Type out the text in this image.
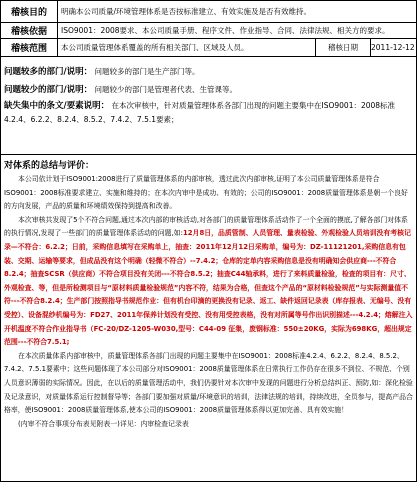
稽核目的	明确本公司质量/环境管理体系是否按标准建立、有效实施及是否有效维持。
稽核依据	ISO9001：2008要求、本公司质量手册、程序文件、作业指导、合同、法律法规、相关方的要求。
稽核范围	本公司质量管理体系覆盖的所有相关部门、区域及人员。	稽核日期	2011-12-12
问题较多的部门/说明： 问题较多的部门是生产部门等。
问题较少的部门/说明： 问题较少的部门是管理者代表、生管课等。
缺失集中的条文/要素说明： 在本次审核中，针对质量管理体系各部门出现的问题主要集中在ISO9001：2008标准4.2.4、6.2.2、8.2.4、8.5.2、7.4.2、7.5.1要素；

对体系的总结与评价：

本公司依计划于ISO9001:2008进行了质量管理体系的内部审核，透过此次内部审核,证明了本公司质量管理体系是符合ISO9001：2008标准要求建立、实施和维持的；在本次内审中是成功、有效的；公司的ISO9001：2008质量管理体系是朝一个良好的方向发展，产品的质量和环境绩效保持到提高和改善。

本次审核共发现了5个不符合问题,通过本次内部的审核活动,对各部门的质量管理体系活动作了一个全面的摸底,了解各部门对体系的执行情况,发现了一些部门的质量管理体系活动的问题,如:12月8日，品质管制、人员管理、量表检验、外观检验人员培训没有考核记录—不符合：6.2.2；日前，采购信息填写在采购单上，抽查：2011年12月12日采购单，编号为：DZ-11121201,采购信息有包装、交期、运输等要求，但成品没有这个明确（轻微不符合）--7.4.2；仓库的定单内容采购信息是没有明确知会供应商---不符合8.2.4；抽查SCSR（供应商）不符合项目没有关闭---不符合8.5.2；抽查C44轴承料，进行了来料质量检验，检查的项目有：尺寸、外观检查、等，但是所检测项目与“原材料质量检验规范”内容不符，结果为合格，但查这个产品的“原材料检验规范”与实际测量值不符---不符合8.2.4；生产部门按照指导书规范作业：但有机台印滴的更换没有记录、返工、缺件返回记录表（库存报表、无编号、没有受控）、设备混纱机编号为：FD27、2011年保养计划没有受控、没有用受控表格，没有对所属等号作出识别描述---4.2.4；熔解注入开机温度不符合作业指导书（FC-20/DZ-1205-W030,型号：C44-09 征集，废钢标准：550±20KG，实际为698KG，超出规定范围---不符合7.5.1;

在本次质量体系内部审核中，质量管理体系各部门出现的问题主要集中在ISO9001：2008标准4.2.4、6.2.2、8.2.4、8.5.2、7.4.2、7.5.1要素中；这些问题体现了本公司部分对ISO9001：2008质量管理体系在日常执行工作仍存在很多不到位、不规范、个别人员意识薄弱的实际情况。因此，在以后的质量管理活动中，我们仍要针对本次审中发现的问题进行分析总结纠正、预防,如：深化检验及记录意识，对质量体系运行控制督导等；各部门要加强对质量/环境意识的培训，法律法规的培训，持续改进，全员参与，提高产品合格率，使ISO9001：2008质量管理体系,使本公司的ISO9001：2008质量管理体系得以更加完善、具有效实施！

(内审不符合事项分布表见附表一)详见：内审检查记录表
